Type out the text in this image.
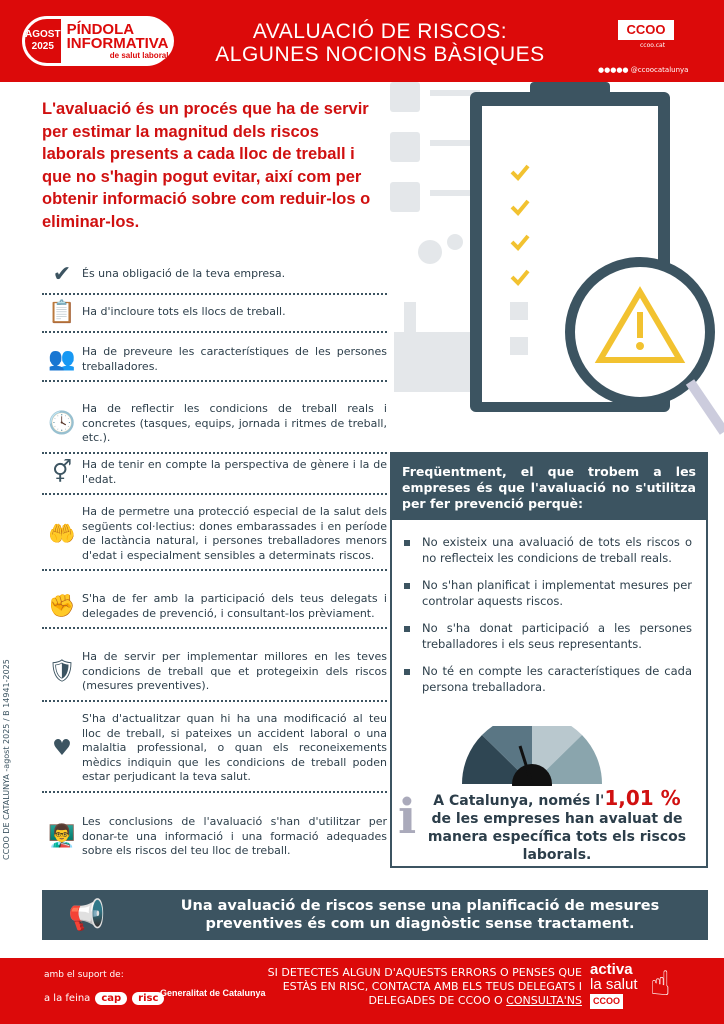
AGOST 2025
PÍNDOLA INFORMATIVA
de salut laboral
AVALUACIÓ DE RISCOS:
ALGUNES NOCIONS BÀSIQUES
CCOO
ccoo.cat
●●●●● @ccoocatalunya
L'avaluació és un procés que ha de servir per estimar la magnitud dels riscos laborals presents a cada lloc de treball i que no s'hagin pogut evitar, així com per obtenir informació sobre com reduir-los o eliminar-los.
✔ És una obligació de la teva empresa.
📋 Ha d'incloure tots els llocs de treball.
👥 Ha de preveure les característiques de les persones treballadores.
🕓
Ha de reflectir les condicions de treball reals i concretes (tasques, equips, jornada i ritmes de treball, etc.).
⚥ Ha de tenir en compte la perspectiva de gènere i la de l'edat.
🤲
Ha de permetre una protecció especial de la salut dels següents col·lectius: dones embarassades i en període de lactància natural, i persones treballadores menors d'edat i especialment sensibles a determinats riscos.
✊ S'ha de fer amb la participació dels teus delegats i delegades de prevenció, i consultant-los prèviament.
🛡
Ha de servir per implementar millores en les teves condicions de treball que et protegeixin dels riscos (mesures preventives).
♥
S'ha d'actualitzar quan hi ha una modificació al teu lloc de treball, si pateixes un accident laboral o una malaltia professional, o quan els reconeixements mèdics indiquin que les condicions de treball poden estar perjudicant la teva salut.
👨‍🏫
Les conclusions de l'avaluació s'han d'utilitzar per donar-te una informació i una formació adequades sobre els riscos del teu lloc de treball.
CCOO DE CATALUNYA -agost 2025 / B 14941-2025
Freqüentment, el que trobem a les empreses és que l'avaluació no s'utilitza per fer prevenció perquè:
No existeix una avaluació de tots els riscos o no reflecteix les condicions de treball reals.
No s'han planificat i implementat mesures per controlar aquests riscos.
No s'ha donat participació a les persones treballadores i els seus representants.
No té en compte les característiques de cada persona treballadora.
ℹ	A Catalunya, només l'1,01 %
de les empreses han avaluat de manera específica tots els riscos laborals.
📢	Una avaluació de riscos sense una planificació de mesures preventives és com un diagnòstic sense tractament.
amb el suport de:
a la feina	cap	risc Generalitat de Catalunya
SI DETECTES ALGUN D'AQUESTS ERRORS O PENSES QUE ESTÀS EN RISC, CONTACTA AMB ELS TEUS DELEGATS I DELEGADES DE CCOO O CONSULTA'NS
activa
la salut
CCOO ☝
